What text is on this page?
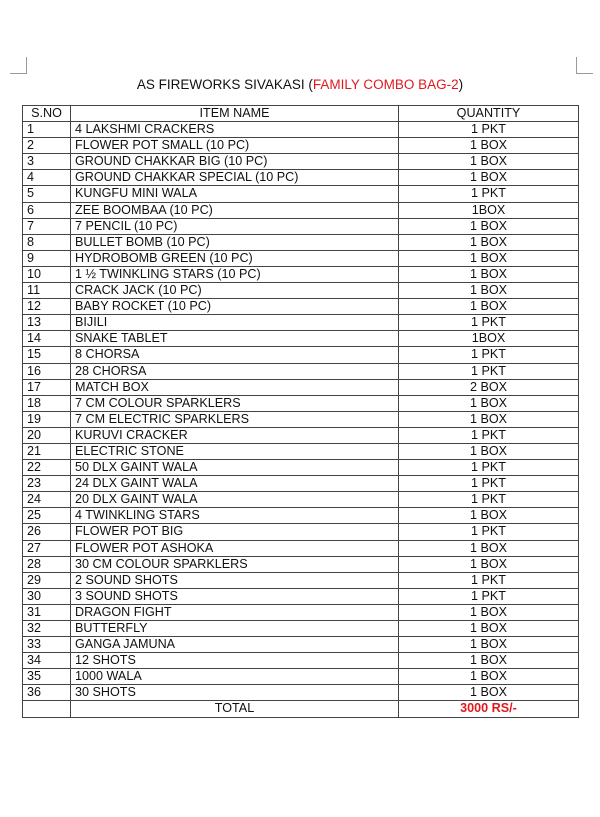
AS FIREWORKS SIVAKASI (FAMILY COMBO BAG-2)
S.NO	ITEM NAME	QUANTITY
1	4 LAKSHMI CRACKERS	1 PKT
2	FLOWER POT SMALL (10 PC)	1 BOX
3	GROUND CHAKKAR BIG (10 PC)	1 BOX
4	GROUND CHAKKAR SPECIAL (10 PC)	1 BOX
5	KUNGFU MINI WALA	1 PKT
6	ZEE BOOMBAA (10 PC)	1BOX
7	7 PENCIL (10 PC)	1 BOX
8	BULLET BOMB (10 PC)	1 BOX
9	HYDROBOMB GREEN (10 PC)	1 BOX
10	1 ½ TWINKLING STARS (10 PC)	1 BOX
11	CRACK JACK (10 PC)	1 BOX
12	BABY ROCKET (10 PC)	1 BOX
13	BIJILI	1 PKT
14	SNAKE TABLET	1BOX
15	8 CHORSA	1 PKT
16	28 CHORSA	1 PKT
17	MATCH BOX	2 BOX
18	7 CM COLOUR SPARKLERS	1 BOX
19	7 CM ELECTRIC SPARKLERS	1 BOX
20	KURUVI CRACKER	1 PKT
21	ELECTRIC STONE	1 BOX
22	50 DLX GAINT WALA	1 PKT
23	24 DLX GAINT WALA	1 PKT
24	20 DLX GAINT WALA	1 PKT
25	4 TWINKLING STARS	1 BOX
26	FLOWER POT BIG	1 PKT
27	FLOWER POT ASHOKA	1 BOX
28	30 CM COLOUR SPARKLERS	1 BOX
29	2 SOUND SHOTS	1 PKT
30	3 SOUND SHOTS	1 PKT
31	DRAGON FIGHT	1 BOX
32	BUTTERFLY	1 BOX
33	GANGA JAMUNA	1 BOX
34	12 SHOTS	1 BOX
35	1000 WALA	1 BOX
36	30 SHOTS	1 BOX
	TOTAL	3000 RS/-
